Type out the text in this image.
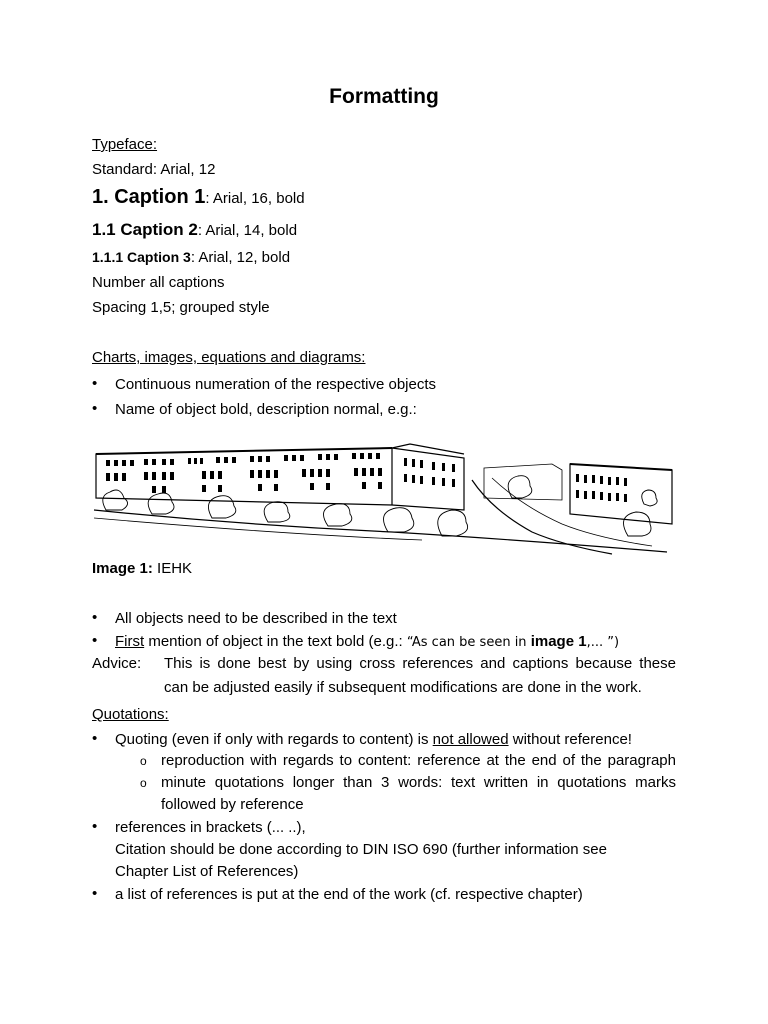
Formatting
Typeface:
Standard: Arial, 12
1. Caption 1: Arial, 16, bold
1.1 Caption 2: Arial, 14, bold
1.1.1 Caption 3: Arial, 12, bold
Number all captions
Spacing 1,5; grouped style
Charts, images, equations and diagrams:
• Continuous numeration of the respective objects
• Name of object bold, description normal, e.g.:
Image 1: IEHK
• All objects need to be described in the text
• First mention of object in the text bold (e.g.: “As can be seen in image 1,... ”)
Advice: This is done best by using cross references and captions because these
can be adjusted easily if subsequent modifications are done in the work.
Quotations:
• Quoting (even if only with regards to content) is not allowed without reference!
o reproduction with regards to content: reference at the end of the paragraph
o minute quotations longer than 3 words: text written in quotations marks
followed by reference
• references in brackets (... ..),
Citation should be done according to DIN ISO 690 (further information see
Chapter List of References)
• a list of references is put at the end of the work (cf. respective chapter)
